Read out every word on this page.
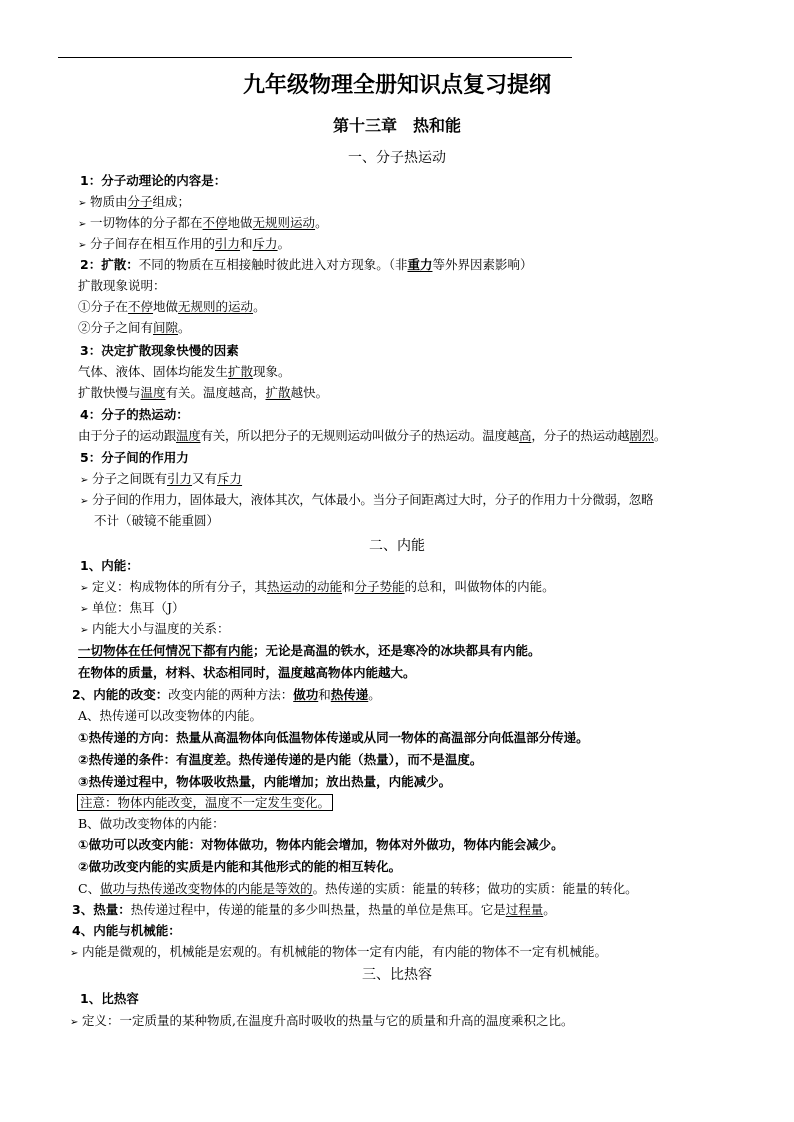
九年级物理全册知识点复习提纲
第十三章　热和能
一、分子热运动
1：分子动理论的内容是：
➢ 物质由分子组成；
➢ 一切物体的分子都在不停地做无规则运动。
➢ 分子间存在相互作用的引力和斥力。
2：扩散：不同的物质在互相接触时彼此进入对方现象。（非重力等外界因素影响）
扩散现象说明：
①分子在不停地做无规则的运动。
②分子之间有间隙。
3：决定扩散现象快慢的因素
气体、液体、固体均能发生扩散现象。
扩散快慢与温度有关。温度越高，扩散越快。
4：分子的热运动：
由于分子的运动跟温度有关，所以把分子的无规则运动叫做分子的热运动。温度越高，分子的热运动越剧烈。
5：分子间的作用力
➢ 分子之间既有引力又有斥力
➢ 分子间的作用力，固体最大，液体其次，气体最小。当分子间距离过大时，分子的作用力十分微弱，忽略
不计（破镜不能重圆）
二、内能
1、内能：
➢ 定义：构成物体的所有分子，其热运动的动能和分子势能的总和，叫做物体的内能。
➢ 单位：焦耳（J）
➢ 内能大小与温度的关系：
一切物体在任何情况下都有内能；无论是高温的铁水，还是寒冷的冰块都具有内能。
在物体的质量，材料、状态相同时，温度越高物体内能越大。
2、内能的改变：改变内能的两种方法：做功和热传递。
A、热传递可以改变物体的内能。
①热传递的方向：热量从高温物体向低温物体传递或从同一物体的高温部分向低温部分传递。
②热传递的条件：有温度差。热传递传递的是内能（热量），而不是温度。
③热传递过程中，物体吸收热量，内能增加；放出热量，内能减少。
注意：物体内能改变，温度不一定发生变化。
B、做功改变物体的内能：
①做功可以改变内能：对物体做功，物体内能会增加，物体对外做功，物体内能会减少。
②做功改变内能的实质是内能和其他形式的能的相互转化。
C、做功与热传递改变物体的内能是等效的。热传递的实质：能量的转移；做功的实质：能量的转化。
3、热量：热传递过程中，传递的能量的多少叫热量，热量的单位是焦耳。它是过程量。
4、内能与机械能：
➢ 内能是微观的，机械能是宏观的。有机械能的物体一定有内能，有内能的物体不一定有机械能。
三、比热容
1、比热容
➢ 定义：一定质量的某种物质,在温度升高时吸收的热量与它的质量和升高的温度乘积之比。
